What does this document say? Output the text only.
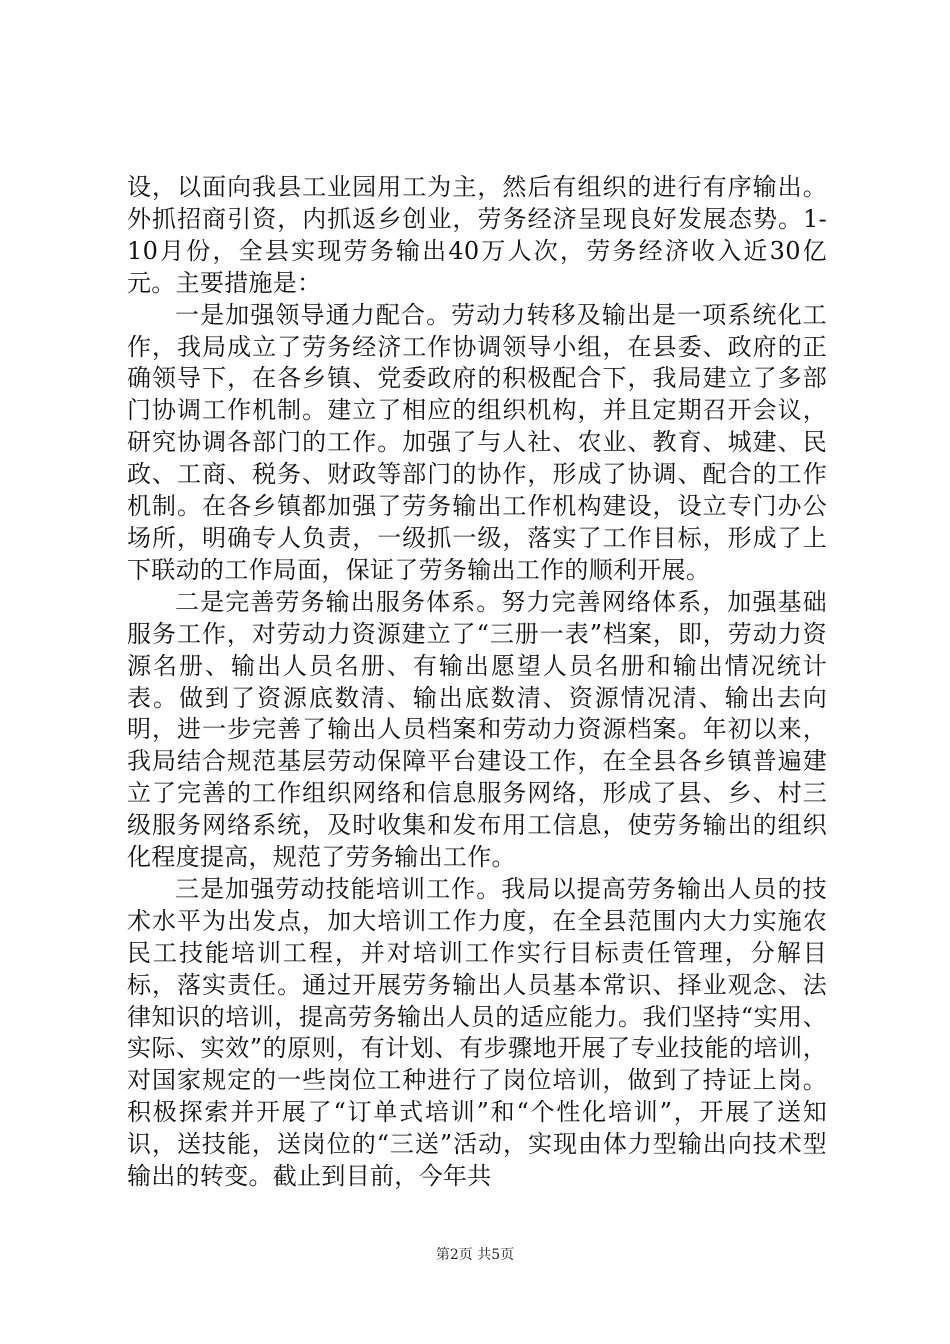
设，以面向我县工业园用工为主，然后有组织的进行有序输出。外抓招商引资，内抓返乡创业，劳务经济呈现良好发展态势。1-10月份，全县实现劳务输出40万人次，劳务经济收入近30亿元。主要措施是：

一是加强领导通力配合。劳动力转移及输出是一项系统化工作，我局成立了劳务经济工作协调领导小组，在县委、政府的正确领导下，在各乡镇、党委政府的积极配合下，我局建立了多部门协调工作机制。建立了相应的组织机构，并且定期召开会议，研究协调各部门的工作。加强了与人社、农业、教育、城建、民政、工商、税务、财政等部门的协作，形成了协调、配合的工作机制。在各乡镇都加强了劳务输出工作机构建设，设立专门办公场所，明确专人负责，一级抓一级，落实了工作目标，形成了上下联动的工作局面，保证了劳务输出工作的顺利开展。

二是完善劳务输出服务体系。努力完善网络体系，加强基础服务工作，对劳动力资源建立了“三册一表”档案，即，劳动力资源名册、输出人员名册、有输出愿望人员名册和输出情况统计表。做到了资源底数清、输出底数清、资源情况清、输出去向明，进一步完善了输出人员档案和劳动力资源档案。年初以来，我局结合规范基层劳动保障平台建设工作，在全县各乡镇普遍建立了完善的工作组织网络和信息服务网络，形成了县、乡、村三级服务网络系统，及时收集和发布用工信息，使劳务输出的组织化程度提高，规范了劳务输出工作。

三是加强劳动技能培训工作。我局以提高劳务输出人员的技术水平为出发点，加大培训工作力度，在全县范围内大力实施农民工技能培训工程，并对培训工作实行目标责任管理，分解目标，落实责任。通过开展劳务输出人员基本常识、择业观念、法律知识的培训，提高劳务输出人员的适应能力。我们坚持“实用、实际、实效”的原则，有计划、有步骤地开展了专业技能的培训，对国家规定的一些岗位工种进行了岗位培训，做到了持证上岗。积极探索并开展了“订单式培训”和“个性化培训”，开展了送知识，送技能，送岗位的“三送”活动，实现由体力型输出向技术型输出的转变。截止到目前，今年共

第2页 共5页
